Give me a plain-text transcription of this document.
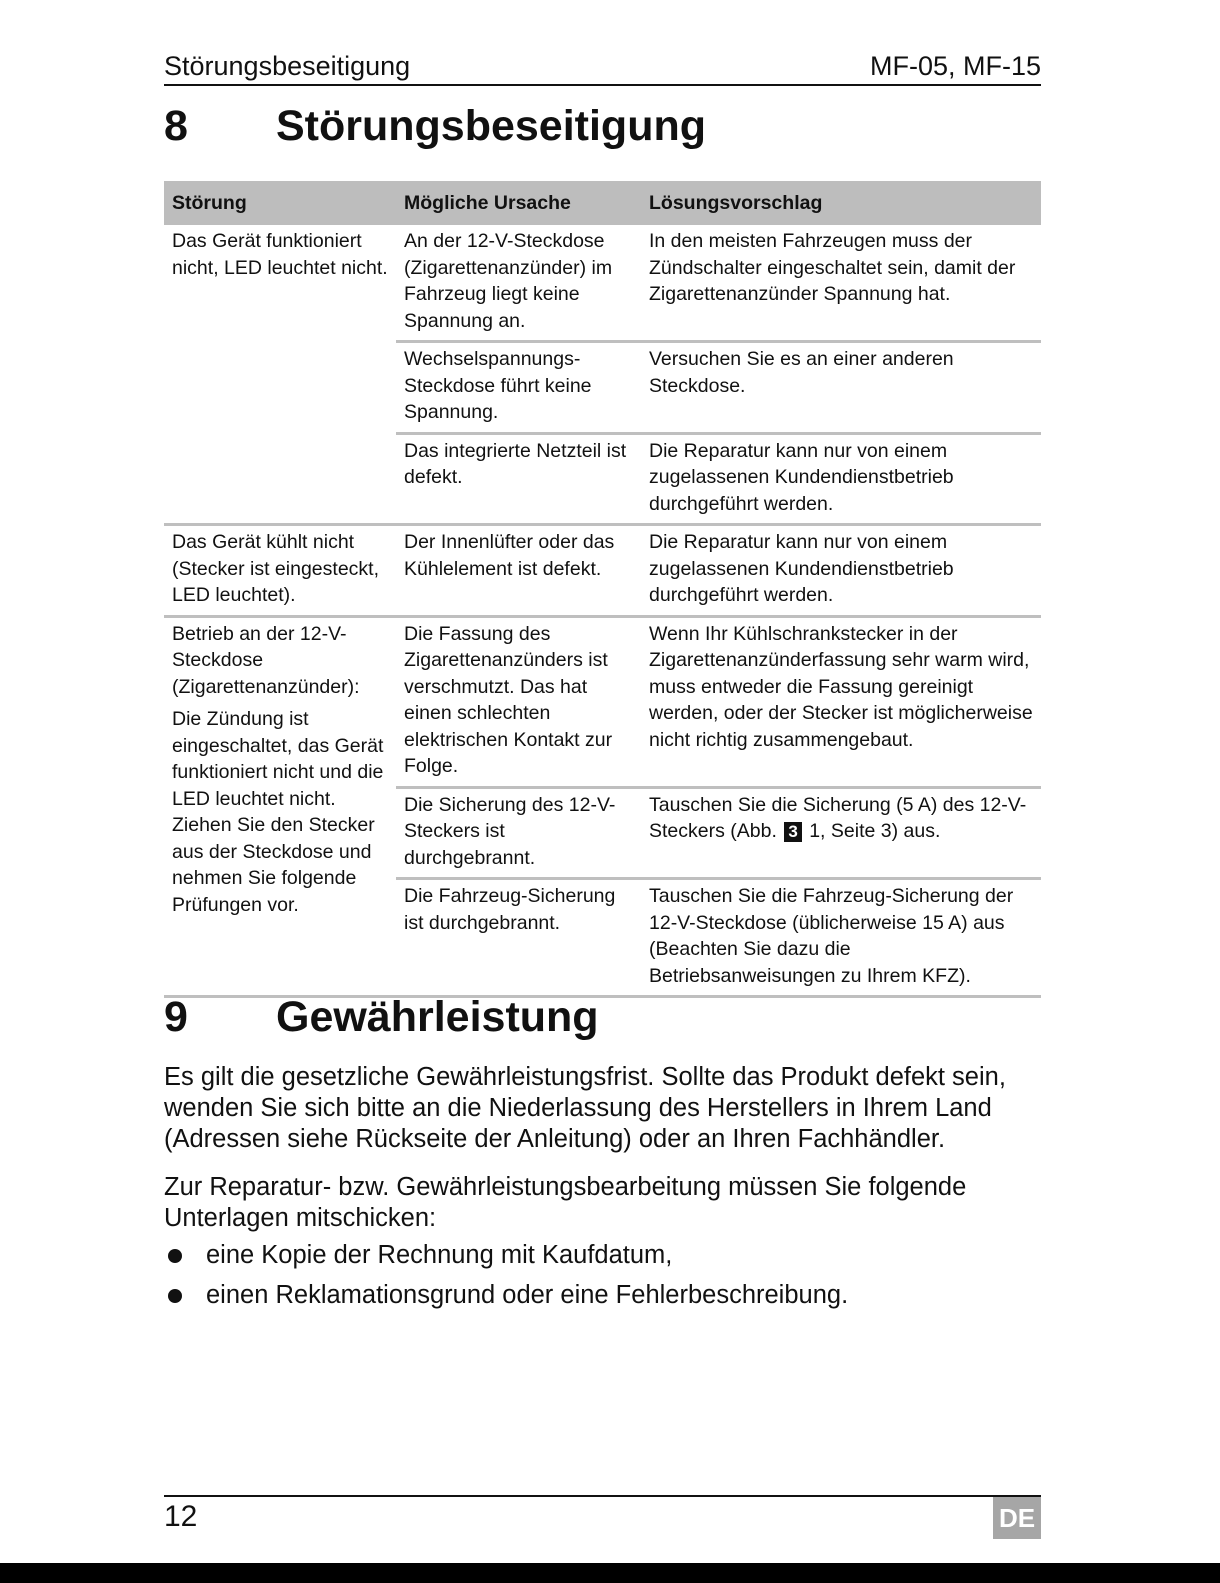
Störungsbeseitigung	MF-05, MF-15
8	Störungsbeseitigung
Störung	Mögliche Ursache	Lösungsvorschlag

Das Gerät funktioniert nicht, LED leuchtet nicht.	An der 12-V-Steckdose (Zigarettenanzünder) im Fahrzeug liegt keine Spannung an.	In den meisten Fahrzeugen muss der Zündschalter eingeschaltet sein, damit der Zigarettenanzünder Spannung hat.
	Wechselspannungs-Steckdose führt keine Spannung.	Versuchen Sie es an einer anderen Steckdose.
	Das integrierte Netzteil ist defekt.	Die Reparatur kann nur von einem zugelassenen Kundendienstbetrieb durchgeführt werden.

Das Gerät kühlt nicht (Stecker ist eingesteckt, LED leuchtet).	Der Innenlüfter oder das Kühlelement ist defekt.	Die Reparatur kann nur von einem zugelassenen Kundendienstbetrieb durchgeführt werden.

Betrieb an der 12-V-Steckdose (Zigarettenanzünder):

Die Zündung ist eingeschaltet, das Gerät funktioniert nicht und die LED leuchtet nicht. Ziehen Sie den Stecker aus der Steckdose und nehmen Sie folgende Prüfungen vor.	Die Fassung des Zigarettenanzünders ist verschmutzt. Das hat einen schlechten elektrischen Kontakt zur Folge.	Wenn Ihr Kühlschrankstecker in der Zigarettenanzünderfassung sehr warm wird, muss entweder die Fassung gereinigt werden, oder der Stecker ist möglicherweise nicht richtig zusammengebaut.
	Die Sicherung des 12-V-Steckers ist durchgebrannt.	Tauschen Sie die Sicherung (5 A) des 12-V-Steckers (Abb. 3 1, Seite 3) aus.
	Die Fahrzeug-Sicherung ist durchgebrannt.	Tauschen Sie die Fahrzeug-Sicherung der 12-V-Steckdose (üblicherweise 15 A) aus (Beachten Sie dazu die Betriebsanweisungen zu Ihrem KFZ).
9	Gewährleistung

Es gilt die gesetzliche Gewährleistungsfrist. Sollte das Produkt defekt sein, wenden Sie sich bitte an die Niederlassung des Herstellers in Ihrem Land (Adressen siehe Rückseite der Anleitung) oder an Ihren Fachhändler.

Zur Reparatur- bzw. Gewährleistungsbearbeitung müssen Sie folgende Unterlagen mitschicken:

eine Kopie der Rechnung mit Kaufdatum,
einen Reklamationsgrund oder eine Fehlerbeschreibung.
12	DE
